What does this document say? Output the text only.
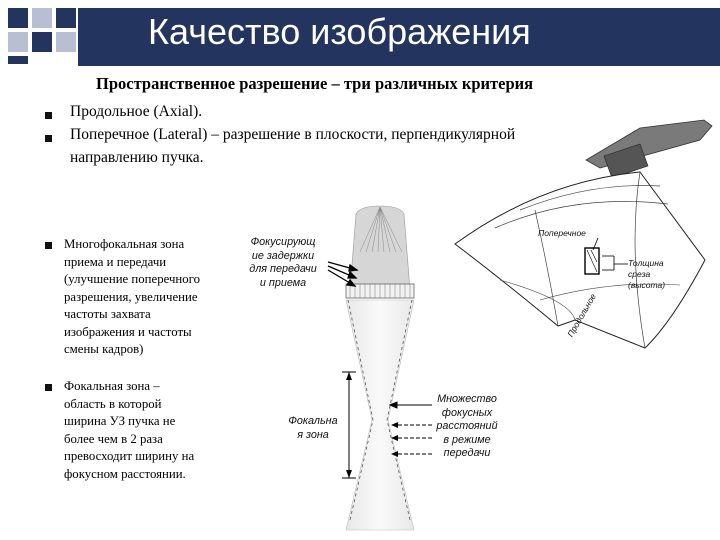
Качество изображения
Пространственное разрешение – три различных критерия
Продольное (Axial).
Поперечное (Lateral) – разрешение в плоскости, перпендикулярной
направлению пучка.
Многофокальная зона
приема и передачи
(улучшение поперечного
разрешения, увеличение
частоты захвата
изображения и частоты
смены кадров)
Фокальная зона –
область в которой
ширина УЗ пучка не
более чем в 2 раза
превосходит ширину на
фокусном расстоянии.
Фокусирующ
ие задержки
для передачи
и приема
Фокальна
я зона
Множество
фокусных
расстояний
в режиме
передачи
Поперечное
Толщина
среза
(высота)
Продольное
